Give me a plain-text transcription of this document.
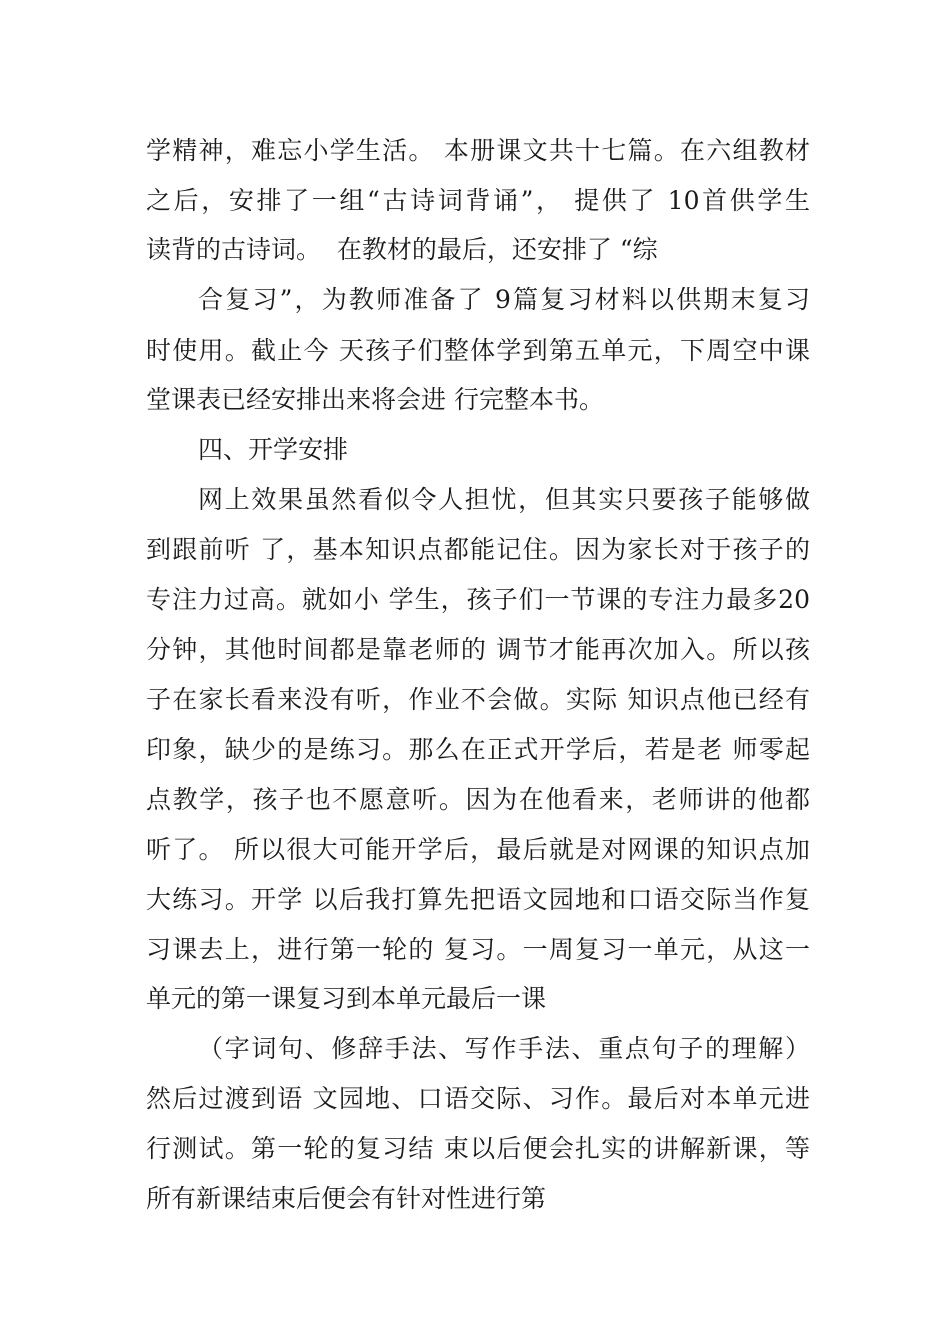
学精神，难忘小学生活。 本册课文共十七篇。在六组教材
之后，安排了一组“古诗词背诵”， 提供了 10首供学生
读背的古诗词。  在教材的最后，还安排了 “综
合复习”，为教师准备了 9篇复习材料以供期末复习
时使用。截止今 天孩子们整体学到第五单元，下周空中课
堂课表已经安排出来将会进 行完整本书。
四、开学安排
网上效果虽然看似令人担忧，但其实只要孩子能够做
到跟前听 了，基本知识点都能记住。因为家长对于孩子的
专注力过高。就如小 学生，孩子们一节课的专注力最多20
分钟，其他时间都是靠老师的 调节才能再次加入。所以孩
子在家长看来没有听，作业不会做。实际 知识点他已经有
印象，缺少的是练习。那么在正式开学后，若是老 师零起
点教学，孩子也不愿意听。因为在他看来，老师讲的他都
听了。 所以很大可能开学后，最后就是对网课的知识点加
大练习。开学 以后我打算先把语文园地和口语交际当作复
习课去上，进行第一轮的 复习。一周复习一单元，从这一
单元的第一课复习到本单元最后一课
（字词句、修辞手法、写作手法、重点句子的理解）
然后过渡到语 文园地、口语交际、习作。最后对本单元进
行测试。第一轮的复习结 束以后便会扎实的讲解新课，等
所有新课结束后便会有针对性进行第
